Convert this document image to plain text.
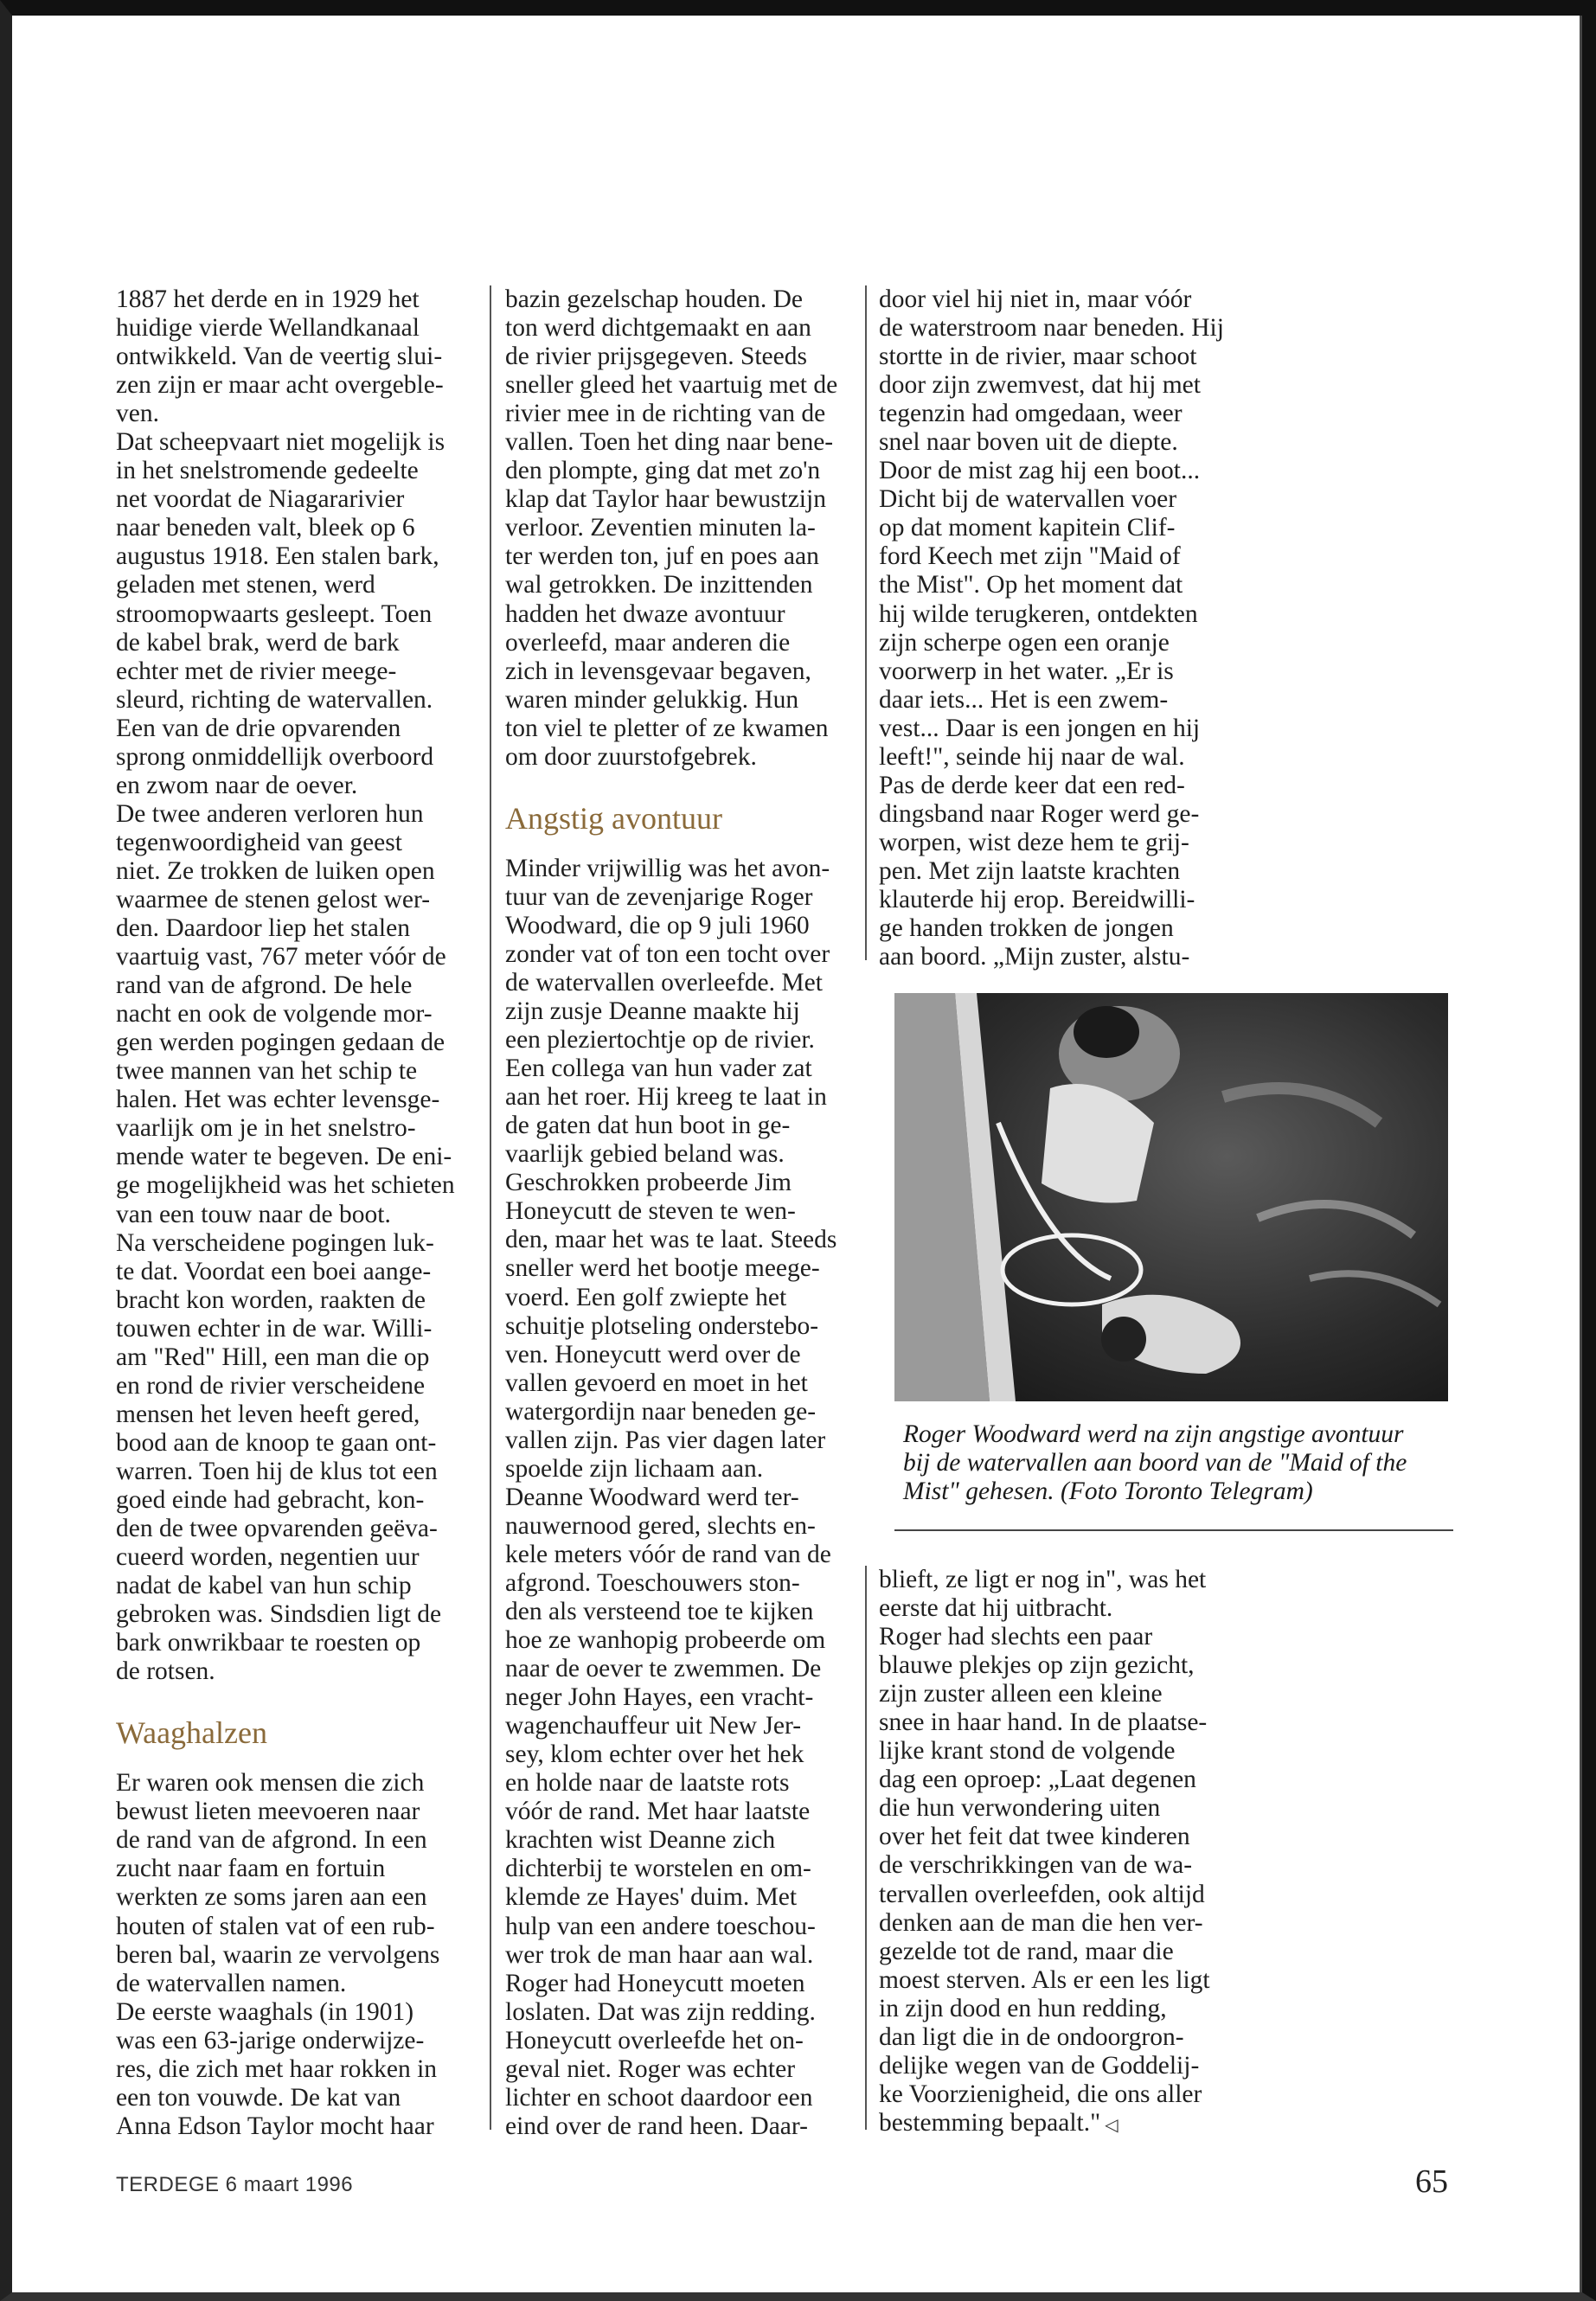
1887 het derde en in 1929 het
huidige vierde Wellandkanaal
ontwikkeld. Van de veertig slui-
zen zijn er maar acht overgeble-
ven.
Dat scheepvaart niet mogelijk is
in het snelstromende gedeelte
net voordat de Niagararivier
naar beneden valt, bleek op 6
augustus 1918. Een stalen bark,
geladen met stenen, werd
stroomopwaarts gesleept. Toen
de kabel brak, werd de bark
echter met de rivier meege-
sleurd, richting de watervallen.
Een van de drie opvarenden
sprong onmiddellijk overboord
en zwom naar de oever.
De twee anderen verloren hun
tegenwoordigheid van geest
niet. Ze trokken de luiken open
waarmee de stenen gelost wer-
den. Daardoor liep het stalen
vaartuig vast, 767 meter vóór de
rand van de afgrond. De hele
nacht en ook de volgende mor-
gen werden pogingen gedaan de
twee mannen van het schip te
halen. Het was echter levensge-
vaarlijk om je in het snelstro-
mende water te begeven. De eni-
ge mogelijkheid was het schieten
van een touw naar de boot.
Na verscheidene pogingen luk-
te dat. Voordat een boei aange-
bracht kon worden, raakten de
touwen echter in de war. Willi-
am "Red" Hill, een man die op
en rond de rivier verscheidene
mensen het leven heeft gered,
bood aan de knoop te gaan ont-
warren. Toen hij de klus tot een
goed einde had gebracht, kon-
den de twee opvarenden geëva-
cueerd worden, negentien uur
nadat de kabel van hun schip
gebroken was. Sindsdien ligt de
bark onwrikbaar te roesten op
de rotsen.
Waaghalzen
Er waren ook mensen die zich
bewust lieten meevoeren naar
de rand van de afgrond. In een
zucht naar faam en fortuin
werkten ze soms jaren aan een
houten of stalen vat of een rub-
beren bal, waarin ze vervolgens
de watervallen namen.
De eerste waaghals (in 1901)
was een 63-jarige onderwijze-
res, die zich met haar rokken in
een ton vouwde. De kat van
Anna Edson Taylor mocht haar
bazin gezelschap houden. De
ton werd dichtgemaakt en aan
de rivier prijsgegeven. Steeds
sneller gleed het vaartuig met de
rivier mee in de richting van de
vallen. Toen het ding naar bene-
den plompte, ging dat met zo'n
klap dat Taylor haar bewustzijn
verloor. Zeventien minuten la-
ter werden ton, juf en poes aan
wal getrokken. De inzittenden
hadden het dwaze avontuur
overleefd, maar anderen die
zich in levensgevaar begaven,
waren minder gelukkig. Hun
ton viel te pletter of ze kwamen
om door zuurstofgebrek.
Angstig avontuur
Minder vrijwillig was het avon-
tuur van de zevenjarige Roger
Woodward, die op 9 juli 1960
zonder vat of ton een tocht over
de watervallen overleefde. Met
zijn zusje Deanne maakte hij
een pleziertochtje op de rivier.
Een collega van hun vader zat
aan het roer. Hij kreeg te laat in
de gaten dat hun boot in ge-
vaarlijk gebied beland was.
Geschrokken probeerde Jim
Honeycutt de steven te wen-
den, maar het was te laat. Steeds
sneller werd het bootje meege-
voerd. Een golf zwiepte het
schuitje plotseling onderstebo-
ven. Honeycutt werd over de
vallen gevoerd en moet in het
watergordijn naar beneden ge-
vallen zijn. Pas vier dagen later
spoelde zijn lichaam aan.
Deanne Woodward werd ter-
nauwernood gered, slechts en-
kele meters vóór de rand van de
afgrond. Toeschouwers ston-
den als versteend toe te kijken
hoe ze wanhopig probeerde om
naar de oever te zwemmen. De
neger John Hayes, een vracht-
wagenchauffeur uit New Jer-
sey, klom echter over het hek
en holde naar de laatste rots
vóór de rand. Met haar laatste
krachten wist Deanne zich
dichterbij te worstelen en om-
klemde ze Hayes' duim. Met
hulp van een andere toeschou-
wer trok de man haar aan wal.
Roger had Honeycutt moeten
loslaten. Dat was zijn redding.
Honeycutt overleefde het on-
geval niet. Roger was echter
lichter en schoot daardoor een
eind over de rand heen. Daar-
door viel hij niet in, maar vóór
de waterstroom naar beneden. Hij
stortte in de rivier, maar schoot
door zijn zwemvest, dat hij met
tegenzin had omgedaan, weer
snel naar boven uit de diepte.
Door de mist zag hij een boot...
Dicht bij de watervallen voer
op dat moment kapitein Clif-
ford Keech met zijn "Maid of
the Mist". Op het moment dat
hij wilde terugkeren, ontdekten
zijn scherpe ogen een oranje
voorwerp in het water. „Er is
daar iets... Het is een zwem-
vest... Daar is een jongen en hij
leeft!", seinde hij naar de wal.
Pas de derde keer dat een red-
dingsband naar Roger werd ge-
worpen, wist deze hem te grij-
pen. Met zijn laatste krachten
klauterde hij erop. Bereidwilli-
ge handen trokken de jongen
aan boord. „Mijn zuster, alstu-
Roger Woodward werd na zijn angstige avontuur
bij de watervallen aan boord van de "Maid of the
Mist" gehesen. (Foto Toronto Telegram)
blieft, ze ligt er nog in", was het
eerste dat hij uitbracht.
Roger had slechts een paar
blauwe plekjes op zijn gezicht,
zijn zuster alleen een kleine
snee in haar hand. In de plaatse-
lijke krant stond de volgende
dag een oproep: „Laat degenen
die hun verwondering uiten
over het feit dat twee kinderen
de verschrikkingen van de wa-
tervallen overleefden, ook altijd
denken aan de man die hen ver-
gezelde tot de rand, maar die
moest sterven. Als er een les ligt
in zijn dood en hun redding,
dan ligt die in de ondoorgron-
delijke wegen van de Goddelij-
ke Voorzienigheid, die ons aller
bestemming bepaalt." ◁
TERDEGE 6 maart 1996	65
